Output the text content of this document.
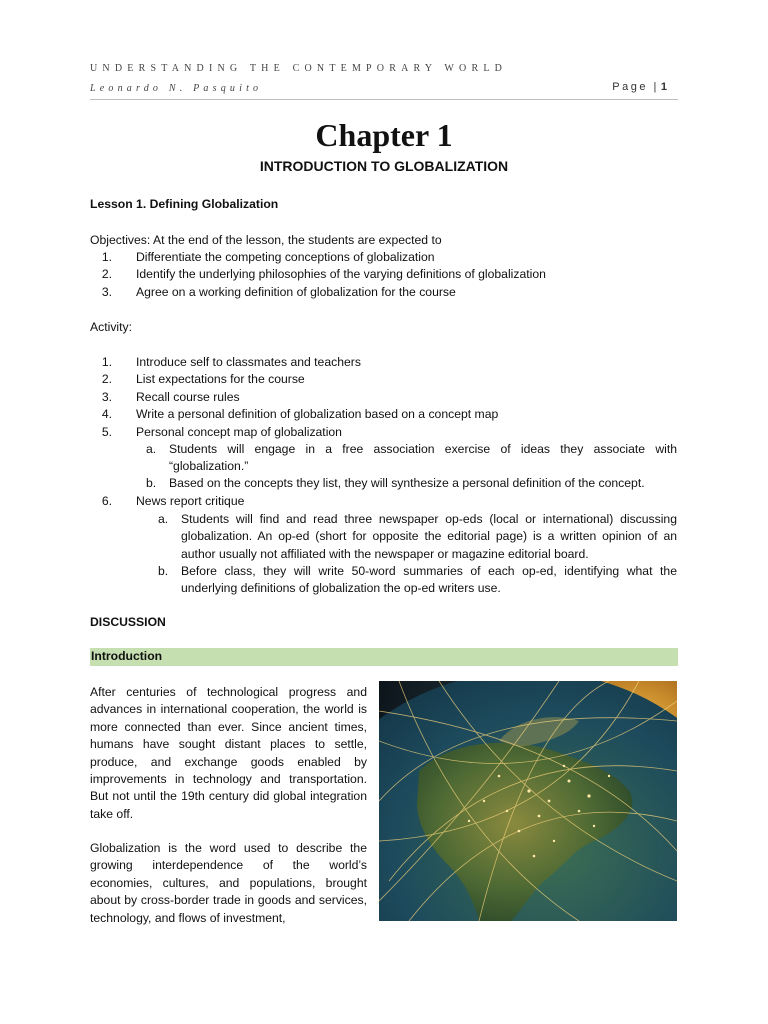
UNDERSTANDING THE CONTEMPORARY WORLD
Leonardo N. Pasquito	Page | 1
Chapter 1
INTRODUCTION TO GLOBALIZATION
Lesson 1. Defining Globalization
Objectives: At the end of the lesson, the students are expected to
1. Differentiate the competing conceptions of globalization
2. Identify the underlying philosophies of the varying definitions of globalization
3. Agree on a working definition of globalization for the course
Activity:
1. Introduce self to classmates and teachers
2. List expectations for the course
3. Recall course rules
4. Write a personal definition of globalization based on a concept map
5. Personal concept map of globalization
a. Students will engage in a free association exercise of ideas they associate with “globalization.”
b. Based on the concepts they list, they will synthesize a personal definition of the concept.
6. News report critique
a. Students will find and read three newspaper op-eds (local or international) discussing globalization. An op-ed (short for opposite the editorial page) is a written opinion of an author usually not affiliated with the newspaper or magazine editorial board.
b. Before class, they will write 50-word summaries of each op-ed, identifying what the underlying definitions of globalization the op-ed writers use.
DISCUSSION
Introduction
After centuries of technological progress and advances in international cooperation, the world is more connected than ever. Since ancient times, humans have sought distant places to settle, produce, and exchange goods enabled by improvements in technology and transportation. But not until the 19th century did global integration take off.
Globalization is the word used to describe the growing interdependence of the world’s economies, cultures, and populations, brought about by cross-border trade in goods and services, technology, and flows of investment,
